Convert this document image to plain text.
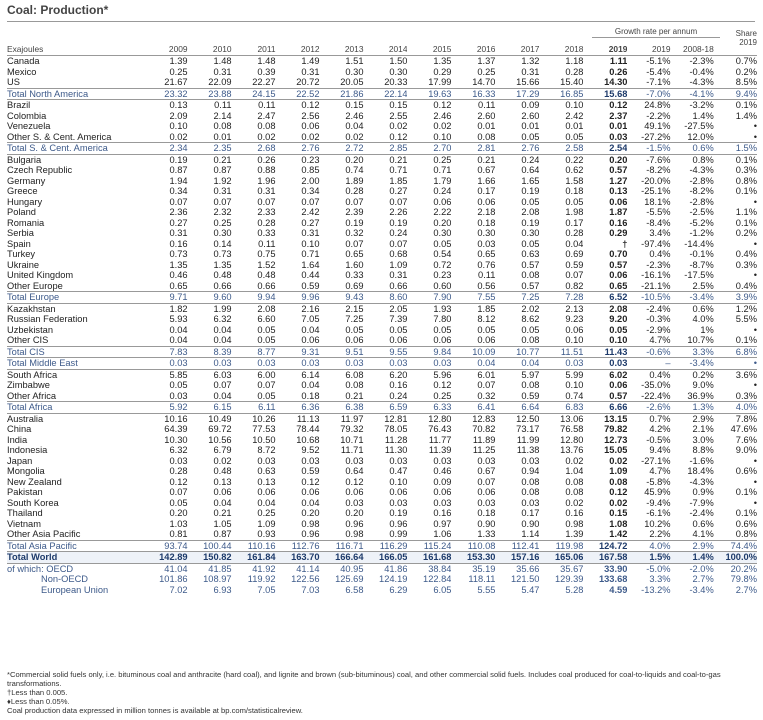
Coal: Production*
Growth rate per annum	Share
2019
Exajoules	2009	2010	2011	2012	2013	2014	2015	2016	2017	2018	2019	2019	2008-18	
Canada	1.39	1.48	1.48	1.49	1.51	1.50	1.35	1.37	1.32	1.18	1.11	-5.1%	-2.3%	0.7%
Mexico	0.25	0.31	0.39	0.31	0.30	0.30	0.29	0.25	0.31	0.28	0.26	-5.4%	-0.4%	0.2%
US	21.67	22.09	22.27	20.72	20.05	20.33	17.99	14.70	15.66	15.40	14.30	-7.1%	-4.3%	8.5%
Total North America	23.32	23.88	24.15	22.52	21.86	22.14	19.63	16.33	17.29	16.85	15.68	-7.0%	-4.1%	9.4%
Brazil	0.13	0.11	0.11	0.12	0.15	0.15	0.12	0.11	0.09	0.10	0.12	24.8%	-3.2%	0.1%
Colombia	2.09	2.14	2.47	2.56	2.46	2.55	2.46	2.60	2.60	2.42	2.37	-2.2%	1.4%	1.4%
Venezuela	0.10	0.08	0.08	0.06	0.04	0.02	0.02	0.01	0.01	0.01	0.01	49.1%	-27.5%	•
Other S. & Cent. America	0.02	0.01	0.02	0.02	0.02	0.12	0.10	0.08	0.05	0.05	0.03	-27.2%	12.0%	•
Total S. & Cent. America	2.34	2.35	2.68	2.76	2.72	2.85	2.70	2.81	2.76	2.58	2.54	-1.5%	0.6%	1.5%
Bulgaria	0.19	0.21	0.26	0.23	0.20	0.21	0.25	0.21	0.24	0.22	0.20	-7.6%	0.8%	0.1%
Czech Republic	0.87	0.87	0.88	0.85	0.74	0.71	0.71	0.67	0.64	0.62	0.57	-8.2%	-4.3%	0.3%
Germany	1.94	1.92	1.96	2.00	1.89	1.85	1.79	1.66	1.65	1.58	1.27	-20.0%	-2.8%	0.8%
Greece	0.34	0.31	0.31	0.34	0.28	0.27	0.24	0.17	0.19	0.18	0.13	-25.1%	-8.2%	0.1%
Hungary	0.07	0.07	0.07	0.07	0.07	0.07	0.06	0.06	0.05	0.05	0.06	18.1%	-2.8%	•
Poland	2.36	2.32	2.33	2.42	2.39	2.26	2.22	2.18	2.08	1.98	1.87	-5.5%	-2.5%	1.1%
Romania	0.27	0.25	0.28	0.27	0.19	0.19	0.20	0.18	0.19	0.17	0.16	-8.4%	-5.2%	0.1%
Serbia	0.31	0.30	0.33	0.31	0.32	0.24	0.30	0.30	0.30	0.28	0.29	3.4%	-1.2%	0.2%
Spain	0.16	0.14	0.11	0.10	0.07	0.07	0.05	0.03	0.05	0.04	†	-97.4%	-14.4%	•
Turkey	0.73	0.73	0.75	0.71	0.65	0.68	0.54	0.65	0.63	0.69	0.70	0.4%	-0.1%	0.4%
Ukraine	1.35	1.35	1.52	1.64	1.60	1.09	0.72	0.76	0.57	0.59	0.57	-2.3%	-8.7%	0.3%
United Kingdom	0.46	0.48	0.48	0.44	0.33	0.31	0.23	0.11	0.08	0.07	0.06	-16.1%	-17.5%	•
Other Europe	0.65	0.66	0.66	0.59	0.69	0.66	0.60	0.56	0.57	0.82	0.65	-21.1%	2.5%	0.4%
Total Europe	9.71	9.60	9.94	9.96	9.43	8.60	7.90	7.55	7.25	7.28	6.52	-10.5%	-3.4%	3.9%
Kazakhstan	1.82	1.99	2.08	2.16	2.15	2.05	1.93	1.85	2.02	2.13	2.08	-2.4%	0.6%	1.2%
Russian Federation	5.93	6.32	6.60	7.05	7.25	7.39	7.80	8.12	8.62	9.23	9.20	-0.3%	4.0%	5.5%
Uzbekistan	0.04	0.04	0.05	0.04	0.05	0.05	0.05	0.05	0.05	0.06	0.05	-2.9%	1%	•
Other CIS	0.04	0.04	0.05	0.06	0.06	0.06	0.06	0.06	0.08	0.10	0.10	4.7%	10.7%	0.1%
Total CIS	7.83	8.39	8.77	9.31	9.51	9.55	9.84	10.09	10.77	11.51	11.43	-0.6%	3.3%	6.8%
Total Middle East	0.03	0.03	0.03	0.03	0.03	0.03	0.03	0.04	0.04	0.03	0.03	–	-3.4%	•
South Africa	5.85	6.03	6.00	6.14	6.08	6.20	5.96	6.01	5.97	5.99	6.02	0.4%	0.2%	3.6%
Zimbabwe	0.05	0.07	0.07	0.04	0.08	0.16	0.12	0.07	0.08	0.10	0.06	-35.0%	9.0%	•
Other Africa	0.03	0.04	0.05	0.18	0.21	0.24	0.25	0.32	0.59	0.74	0.57	-22.4%	36.9%	0.3%
Total Africa	5.92	6.15	6.11	6.36	6.38	6.59	6.33	6.41	6.64	6.83	6.66	-2.6%	1.3%	4.0%
Australia	10.16	10.49	10.26	11.13	11.97	12.81	12.80	12.83	12.50	13.06	13.15	0.7%	2.9%	7.8%
China	64.39	69.72	77.53	78.44	79.32	78.05	76.43	70.82	73.17	76.58	79.82	4.2%	2.1%	47.6%
India	10.30	10.56	10.50	10.68	10.71	11.28	11.77	11.89	11.99	12.80	12.73	-0.5%	3.0%	7.6%
Indonesia	6.32	6.79	8.72	9.52	11.71	11.30	11.39	11.25	11.38	13.76	15.05	9.4%	8.8%	9.0%
Japan	0.03	0.02	0.03	0.03	0.03	0.03	0.03	0.03	0.03	0.02	0.02	-27.1%	-1.6%	•
Mongolia	0.28	0.48	0.63	0.59	0.64	0.47	0.46	0.67	0.94	1.04	1.09	4.7%	18.4%	0.6%
New Zealand	0.12	0.13	0.13	0.12	0.12	0.10	0.09	0.07	0.08	0.08	0.08	-5.8%	-4.3%	•
Pakistan	0.07	0.06	0.06	0.06	0.06	0.06	0.06	0.06	0.08	0.08	0.12	45.9%	0.9%	0.1%
South Korea	0.05	0.04	0.04	0.04	0.03	0.03	0.03	0.03	0.03	0.02	0.02	-9.4%	-7.9%	•
Thailand	0.20	0.21	0.25	0.20	0.20	0.19	0.16	0.18	0.17	0.16	0.15	-6.1%	-2.4%	0.1%
Vietnam	1.03	1.05	1.09	0.98	0.96	0.96	0.97	0.90	0.90	0.98	1.08	10.2%	0.6%	0.6%
Other Asia Pacific	0.81	0.87	0.93	0.96	0.98	0.99	1.06	1.33	1.14	1.39	1.42	2.2%	4.1%	0.8%
Total Asia Pacific	93.74	100.44	110.16	112.76	116.71	116.29	115.24	110.08	112.41	119.98	124.72	4.0%	2.9%	74.4%
Total World	142.89	150.82	161.84	163.70	166.64	166.05	161.68	153.30	157.16	165.06	167.58	1.5%	1.4%	100.0%
of which: OECD	41.04	41.85	41.92	41.14	40.95	41.86	38.84	35.19	35.66	35.67	33.90	-5.0%	-2.0%	20.2%
Non-OECD	101.86	108.97	119.92	122.56	125.69	124.19	122.84	118.11	121.50	129.39	133.68	3.3%	2.7%	79.8%
European Union	7.02	6.93	7.05	7.03	6.58	6.29	6.05	5.55	5.47	5.28	4.59	-13.2%	-3.4%	2.7%
*Commercial solid fuels only, i.e. bituminous coal and anthracite (hard coal), and lignite and brown (sub-bituminous) coal, and other commercial solid fuels. Includes coal produced for coal-to-liquids and coal-to-gas transformations.
†Less than 0.005.
♦Less than 0.05%.
Coal production data expressed in million tonnes is available at bp.com/statisticalreview.
